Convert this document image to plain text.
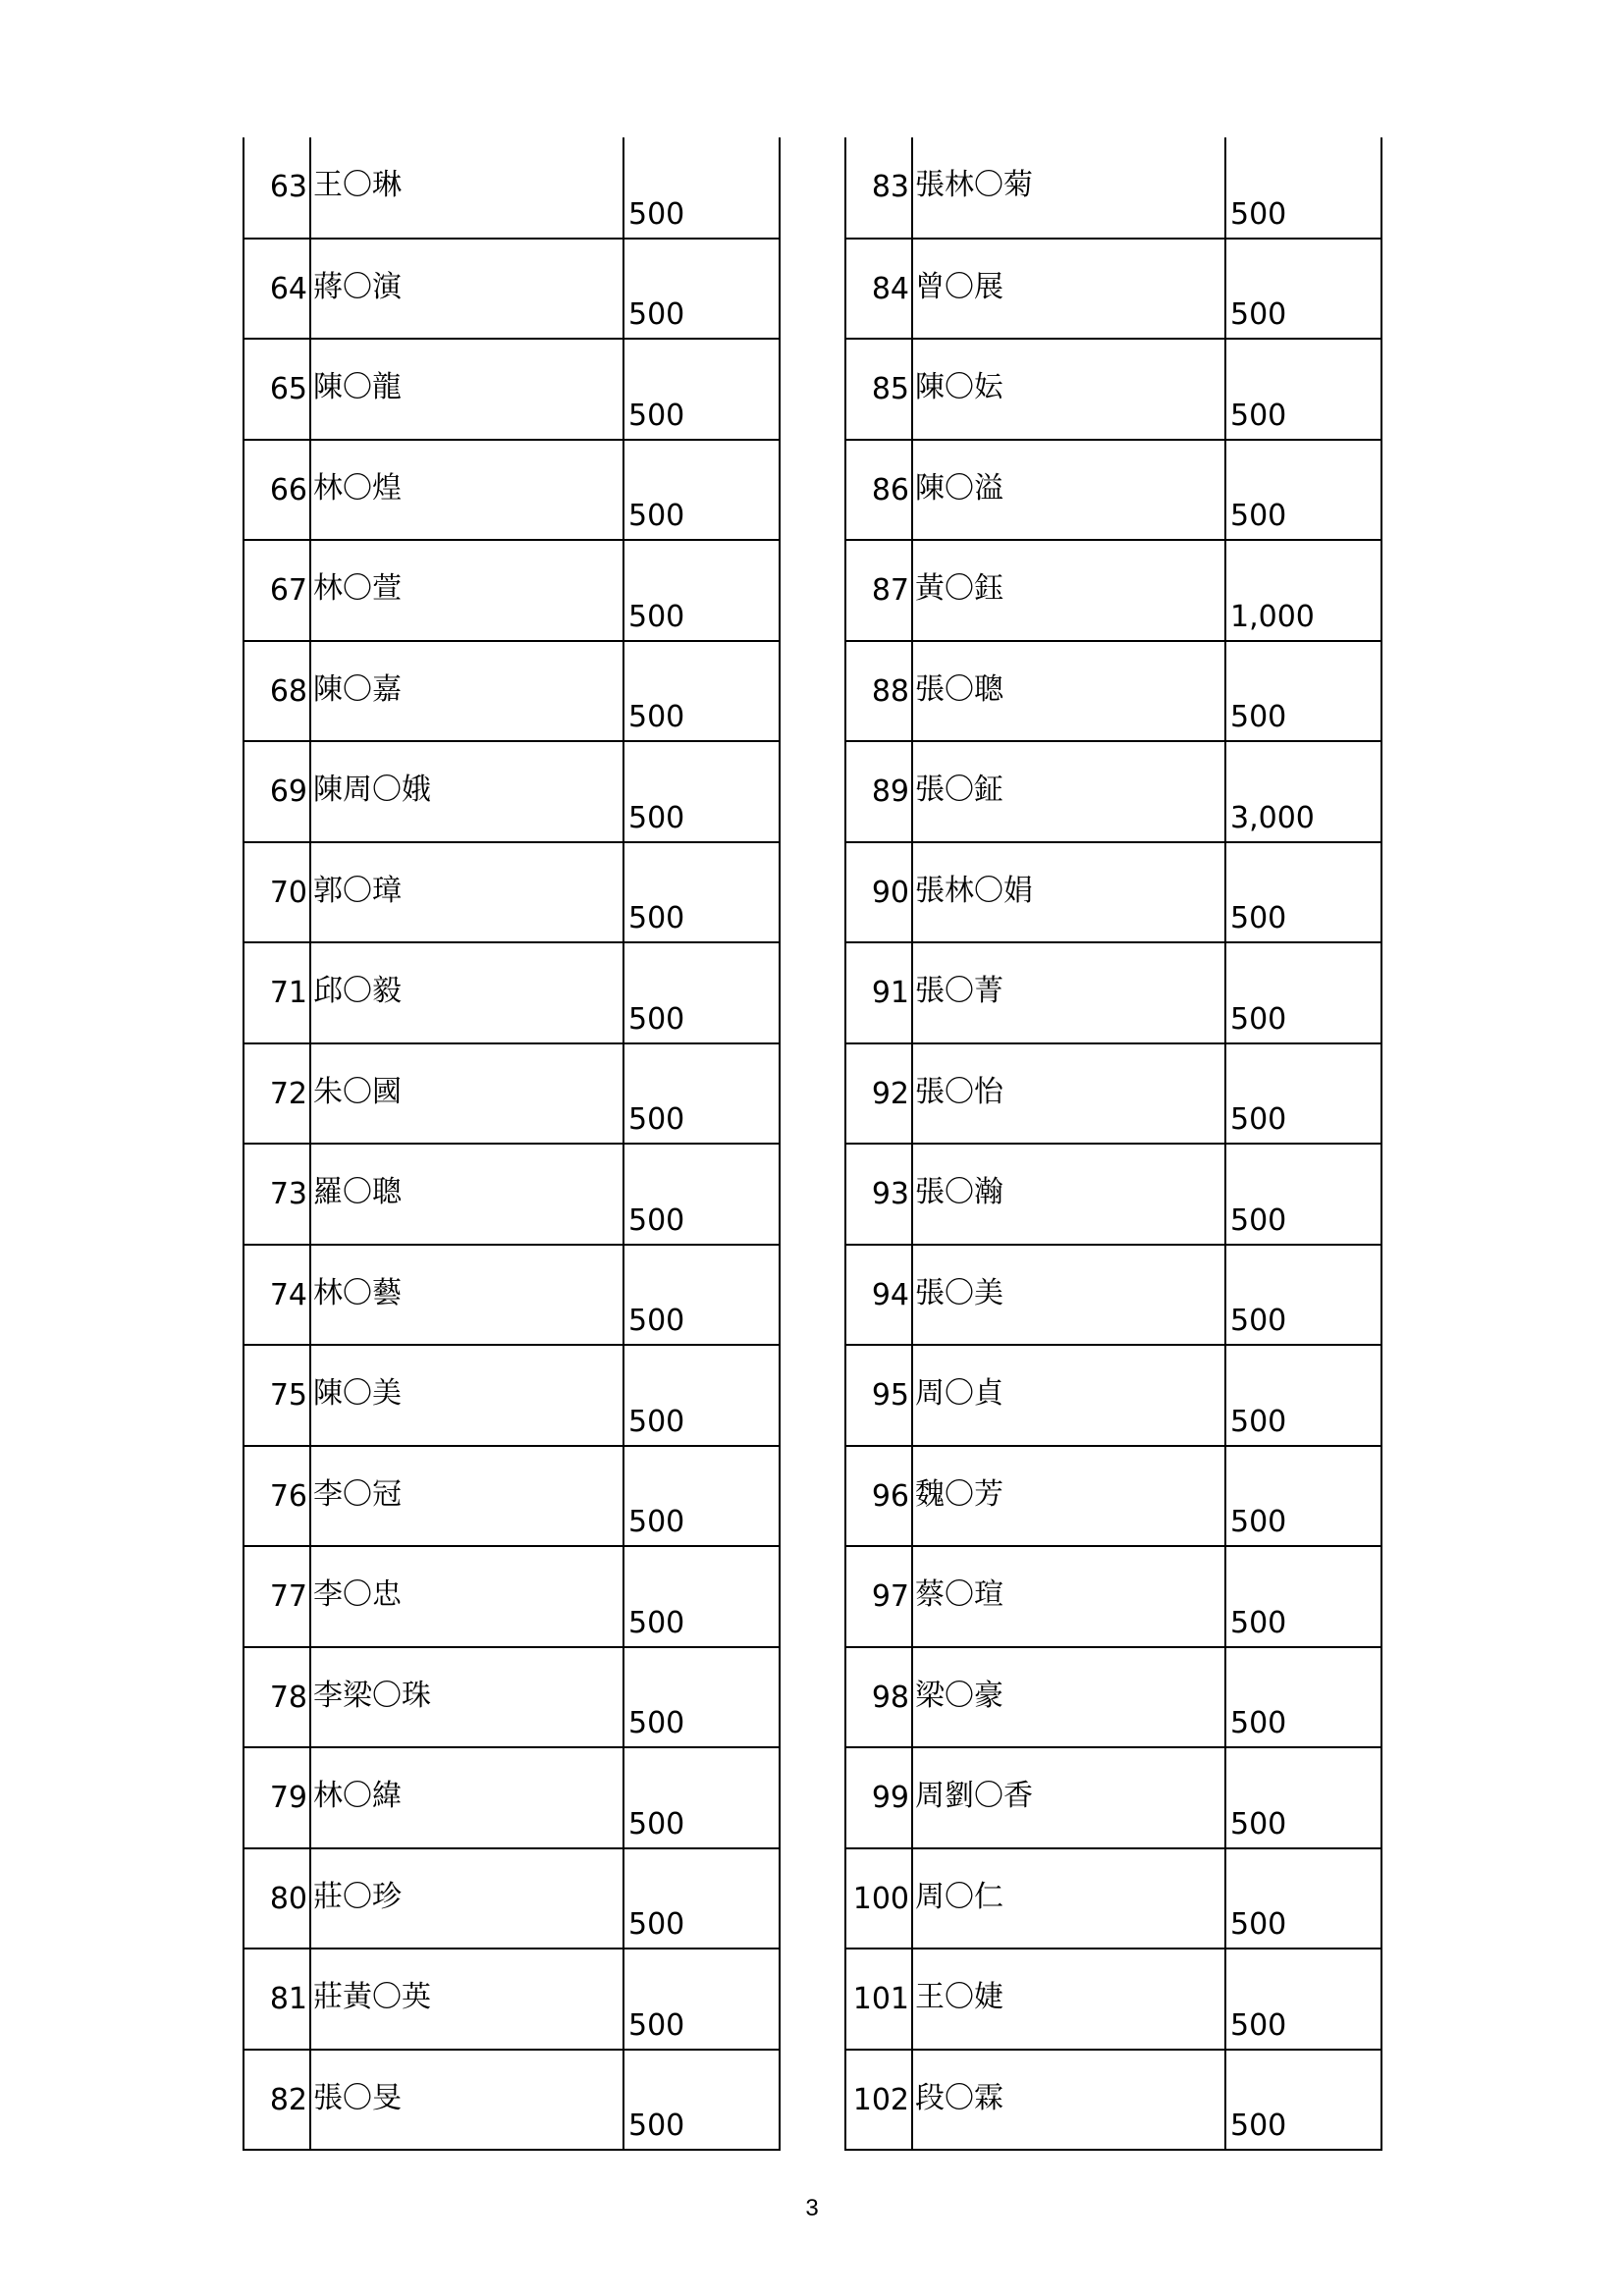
63	王〇琳	500
64	蔣〇演	500
65	陳〇龍	500
66	林〇煌	500
67	林〇萱	500
68	陳〇嘉	500
69	陳周〇娥	500
70	郭〇璋	500
71	邱〇毅	500
72	朱〇國	500
73	羅〇聰	500
74	林〇藝	500
75	陳〇美	500
76	李〇冠	500
77	李〇忠	500
78	李梁〇珠	500
79	林〇緯	500
80	莊〇珍	500
81	莊黃〇英	500
82	張〇旻	500
83	張林〇菊	500
84	曾〇展	500
85	陳〇妘	500
86	陳〇溢	500
87	黃〇鈺	1,000
88	張〇聰	500
89	張〇鉦	3,000
90	張林〇娟	500
91	張〇菁	500
92	張〇怡	500
93	張〇瀚	500
94	張〇美	500
95	周〇貞	500
96	魏〇芳	500
97	蔡〇瑄	500
98	梁〇豪	500
99	周劉〇香	500
100	周〇仁	500
101	王〇婕	500
102	段〇霖	500
3
